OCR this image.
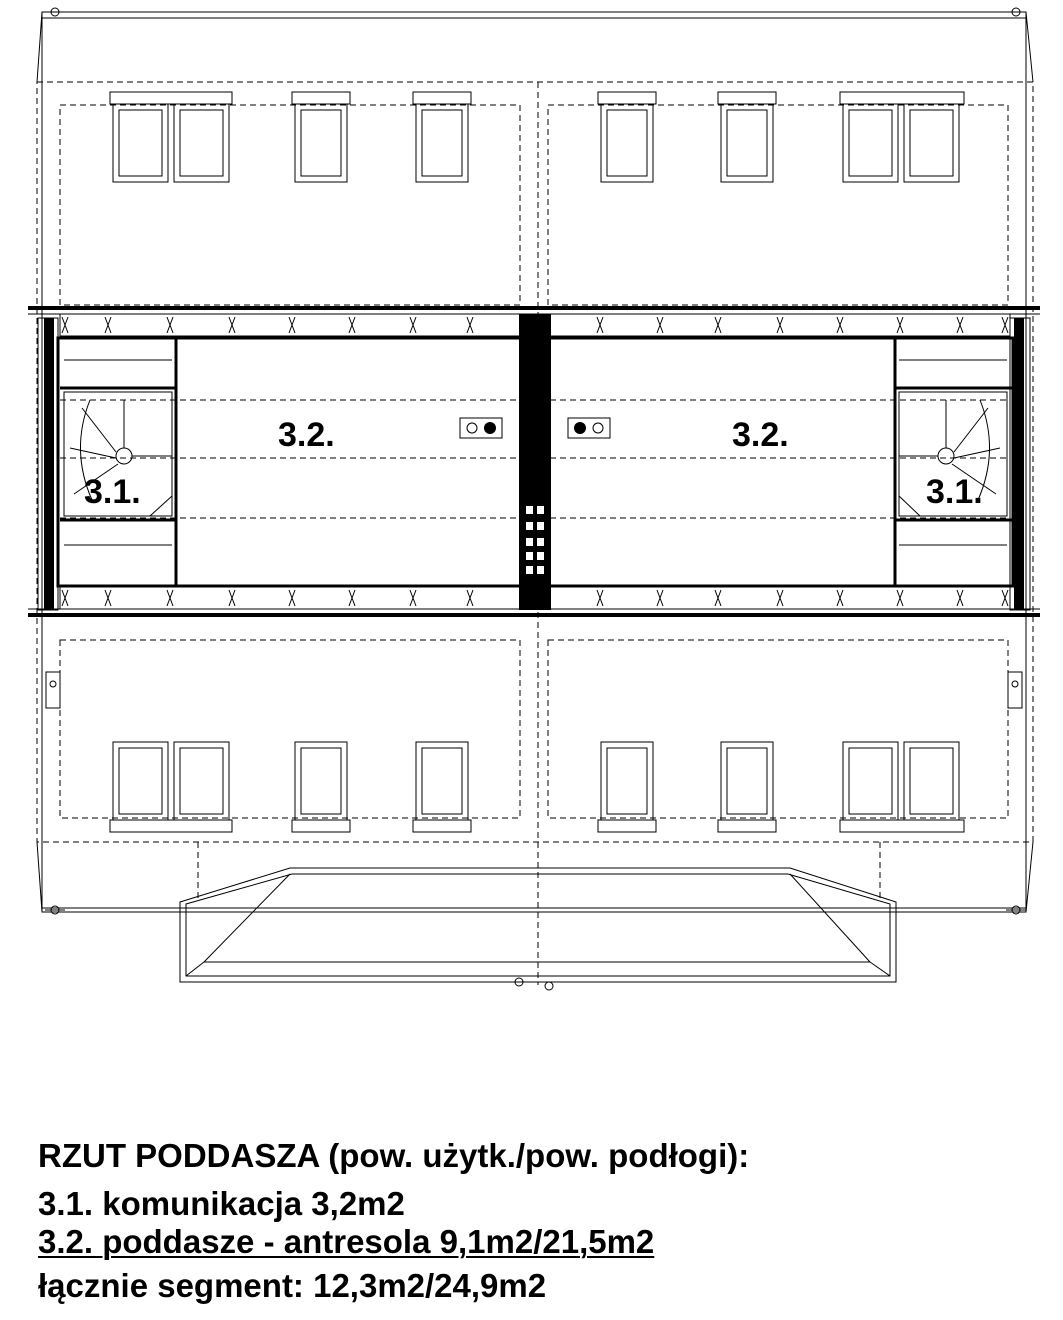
3.2.	3.2.
3.1.	3.1.
RZUT PODDASZA (pow. użytk./pow. podłogi):
3.1. komunikacja 3,2m2
3.2. poddasze - antresola 9,1m2/21,5m2
łącznie segment: 12,3m2/24,9m2
